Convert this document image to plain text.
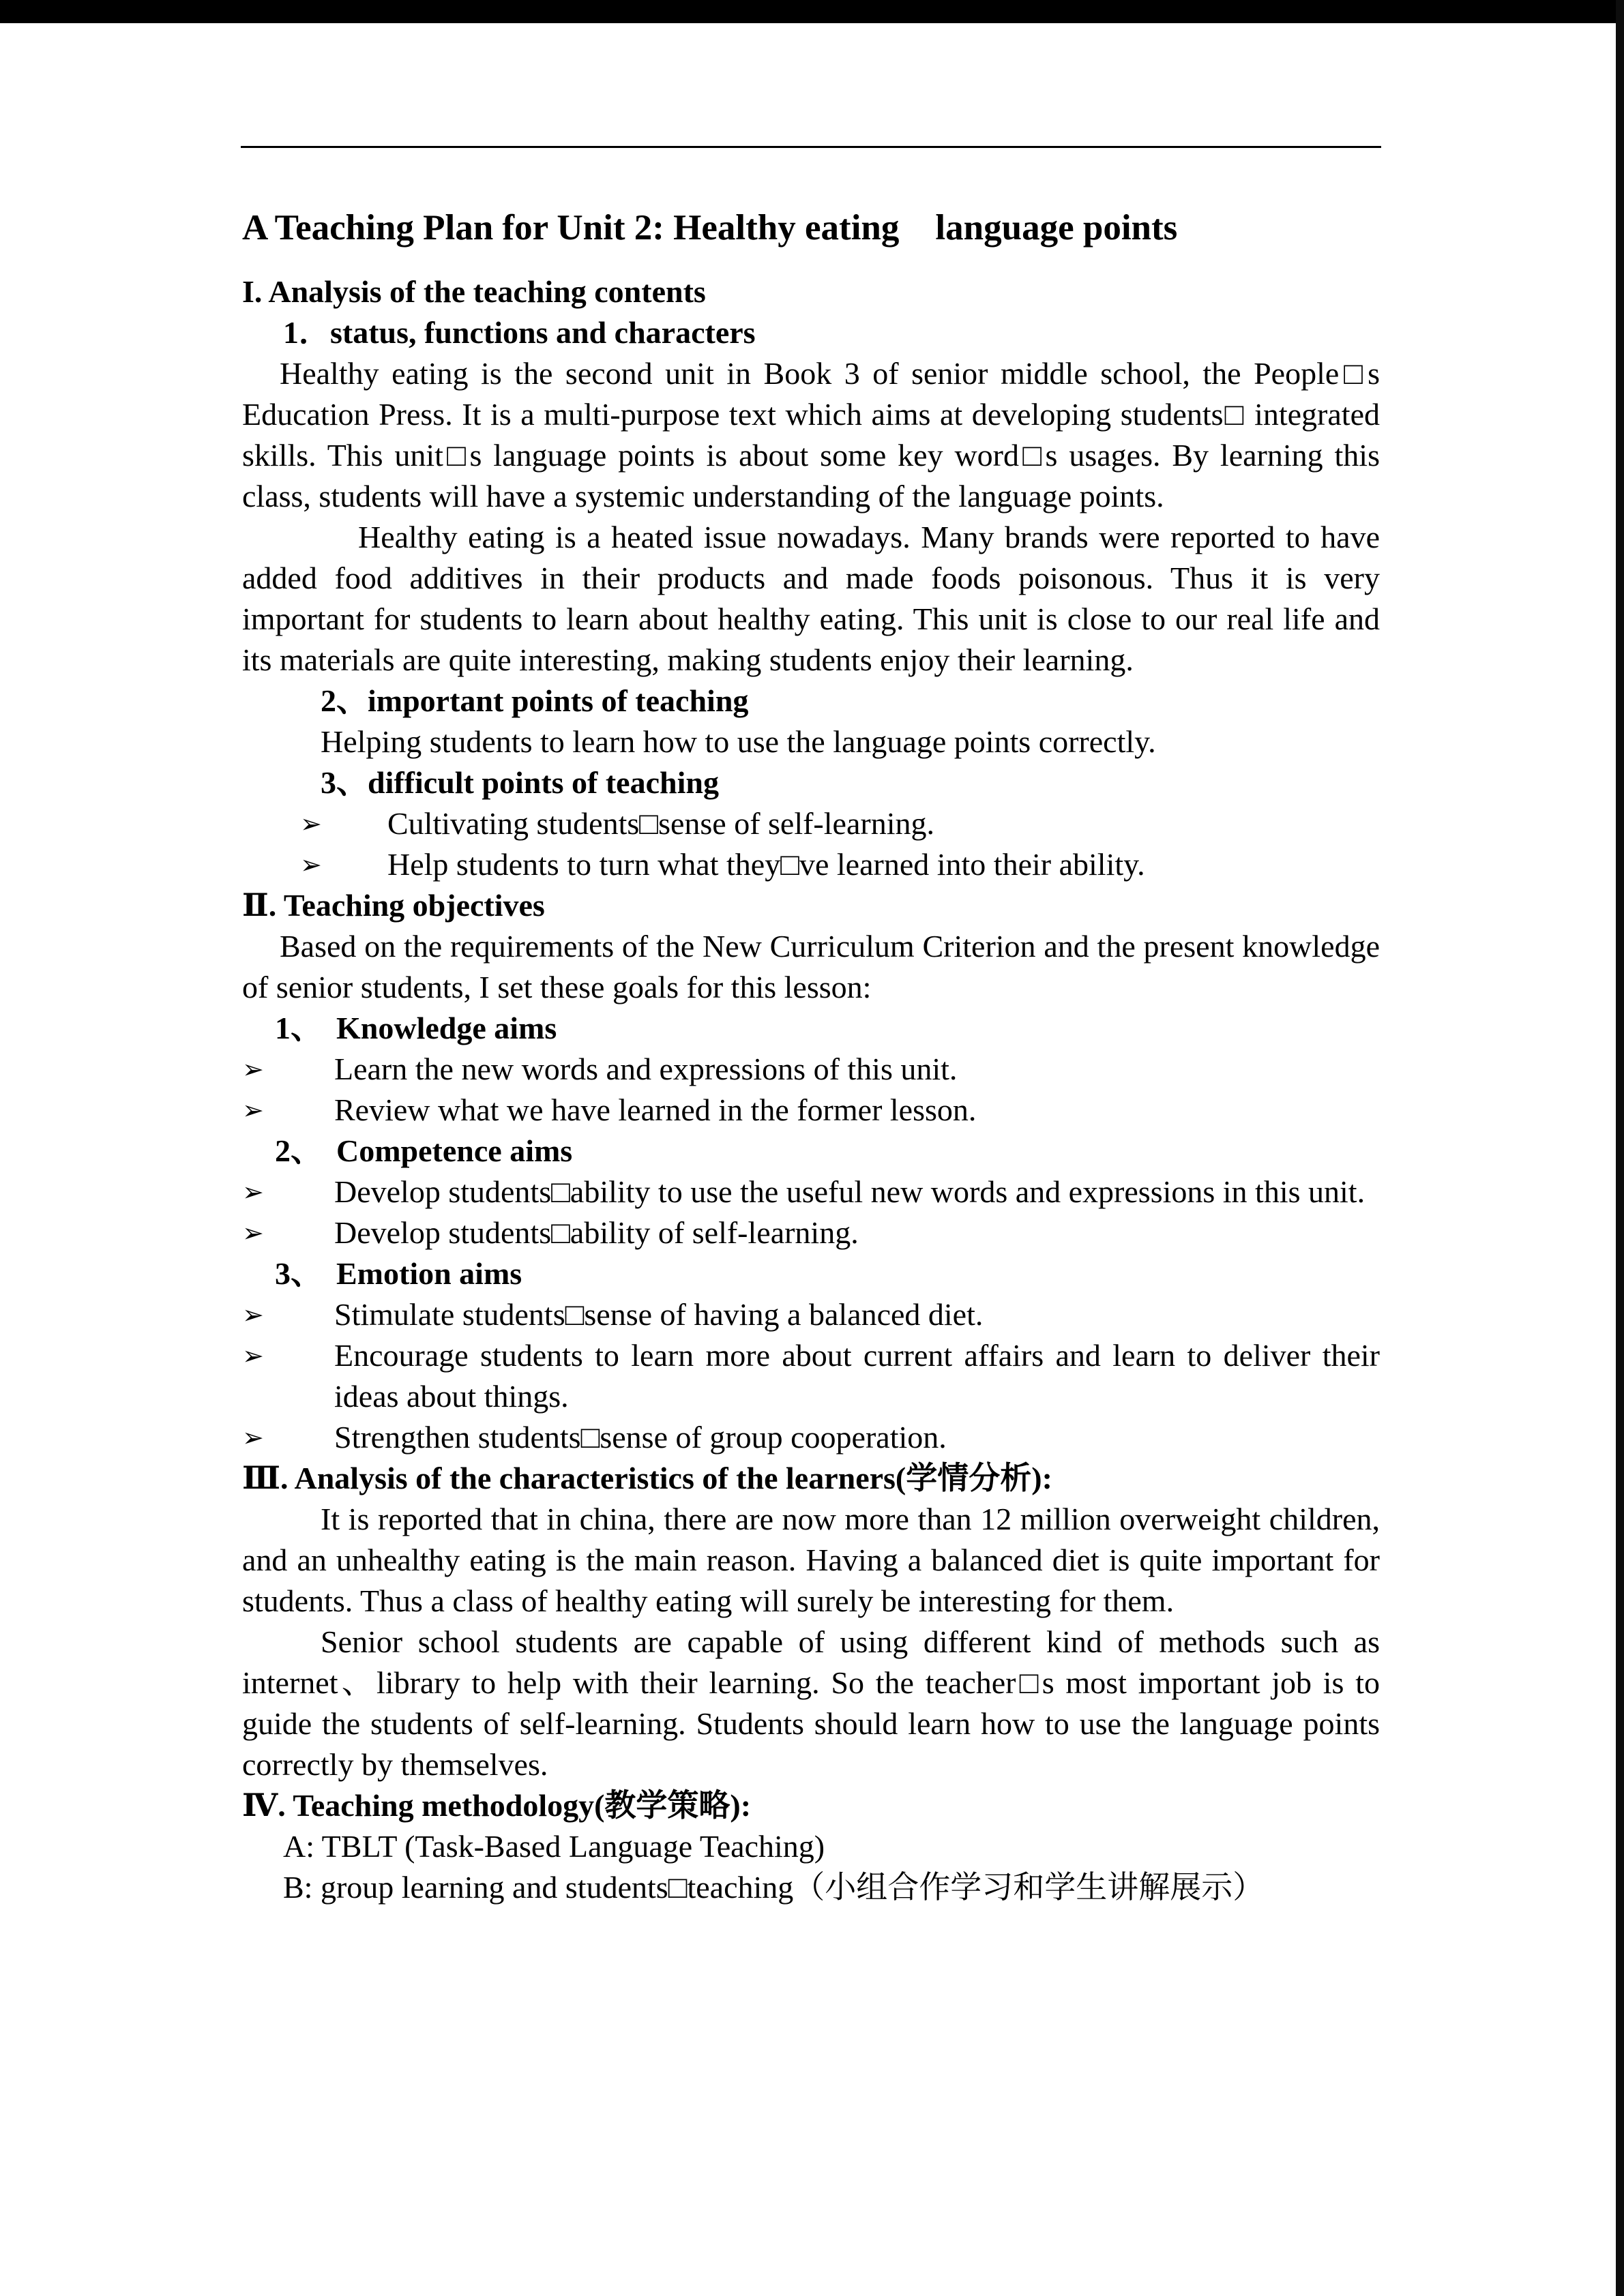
A Teaching Plan for Unit 2: Healthy eating　language points
I. Analysis of the teaching contents
1．status, functions and characters
Healthy eating is the second unit in Book 3 of senior middle school, the People□s Education Press. It is a multi-purpose text which aims at developing students□ integrated skills. This unit□s language points is about some key word□s usages. By learning this class, students will have a systemic understanding of the language points.
Healthy eating is a heated issue nowadays. Many brands were reported to have added food additives in their products and made foods poisonous. Thus it is very important for students to learn about healthy eating. This unit is close to our real life and its materials are quite interesting, making students enjoy their learning.
2、important points of teaching
Helping students to learn how to use the language points correctly.
3、difficult points of teaching
➢	Cultivating students□sense of self-learning.
➢	Help students to turn what they□ve learned into their ability.
Ⅱ. Teaching objectives
Based on the requirements of the New Curriculum Criterion and the present knowledge of senior students, I set these goals for this lesson:
1、 Knowledge aims
➢	Learn the new words and expressions of this unit.
➢	Review what we have learned in the former lesson.
2、 Competence aims
➢	Develop students□ability to use the useful new words and expressions in this unit.
➢	Develop students□ability of self-learning.
3、 Emotion aims
➢	Stimulate students□sense of having a balanced diet.
➢	Encourage students to learn more about current affairs and learn to deliver their ideas about things.
➢	Strengthen students□sense of group cooperation.
Ⅲ. Analysis of the characteristics of the learners(学情分析):
It is reported that in china, there are now more than 12 million overweight children, and an unhealthy eating is the main reason. Having a balanced diet is quite important for students. Thus a class of healthy eating will surely be interesting for them.
Senior school students are capable of using different kind of methods such as internet、library to help with their learning. So the teacher□s most important job is to guide the students of self-learning. Students should learn how to use the language points correctly by themselves.
Ⅳ. Teaching methodology(教学策略):
A: TBLT (Task-Based Language Teaching)
B: group learning and students□teaching（小组合作学习和学生讲解展示）
